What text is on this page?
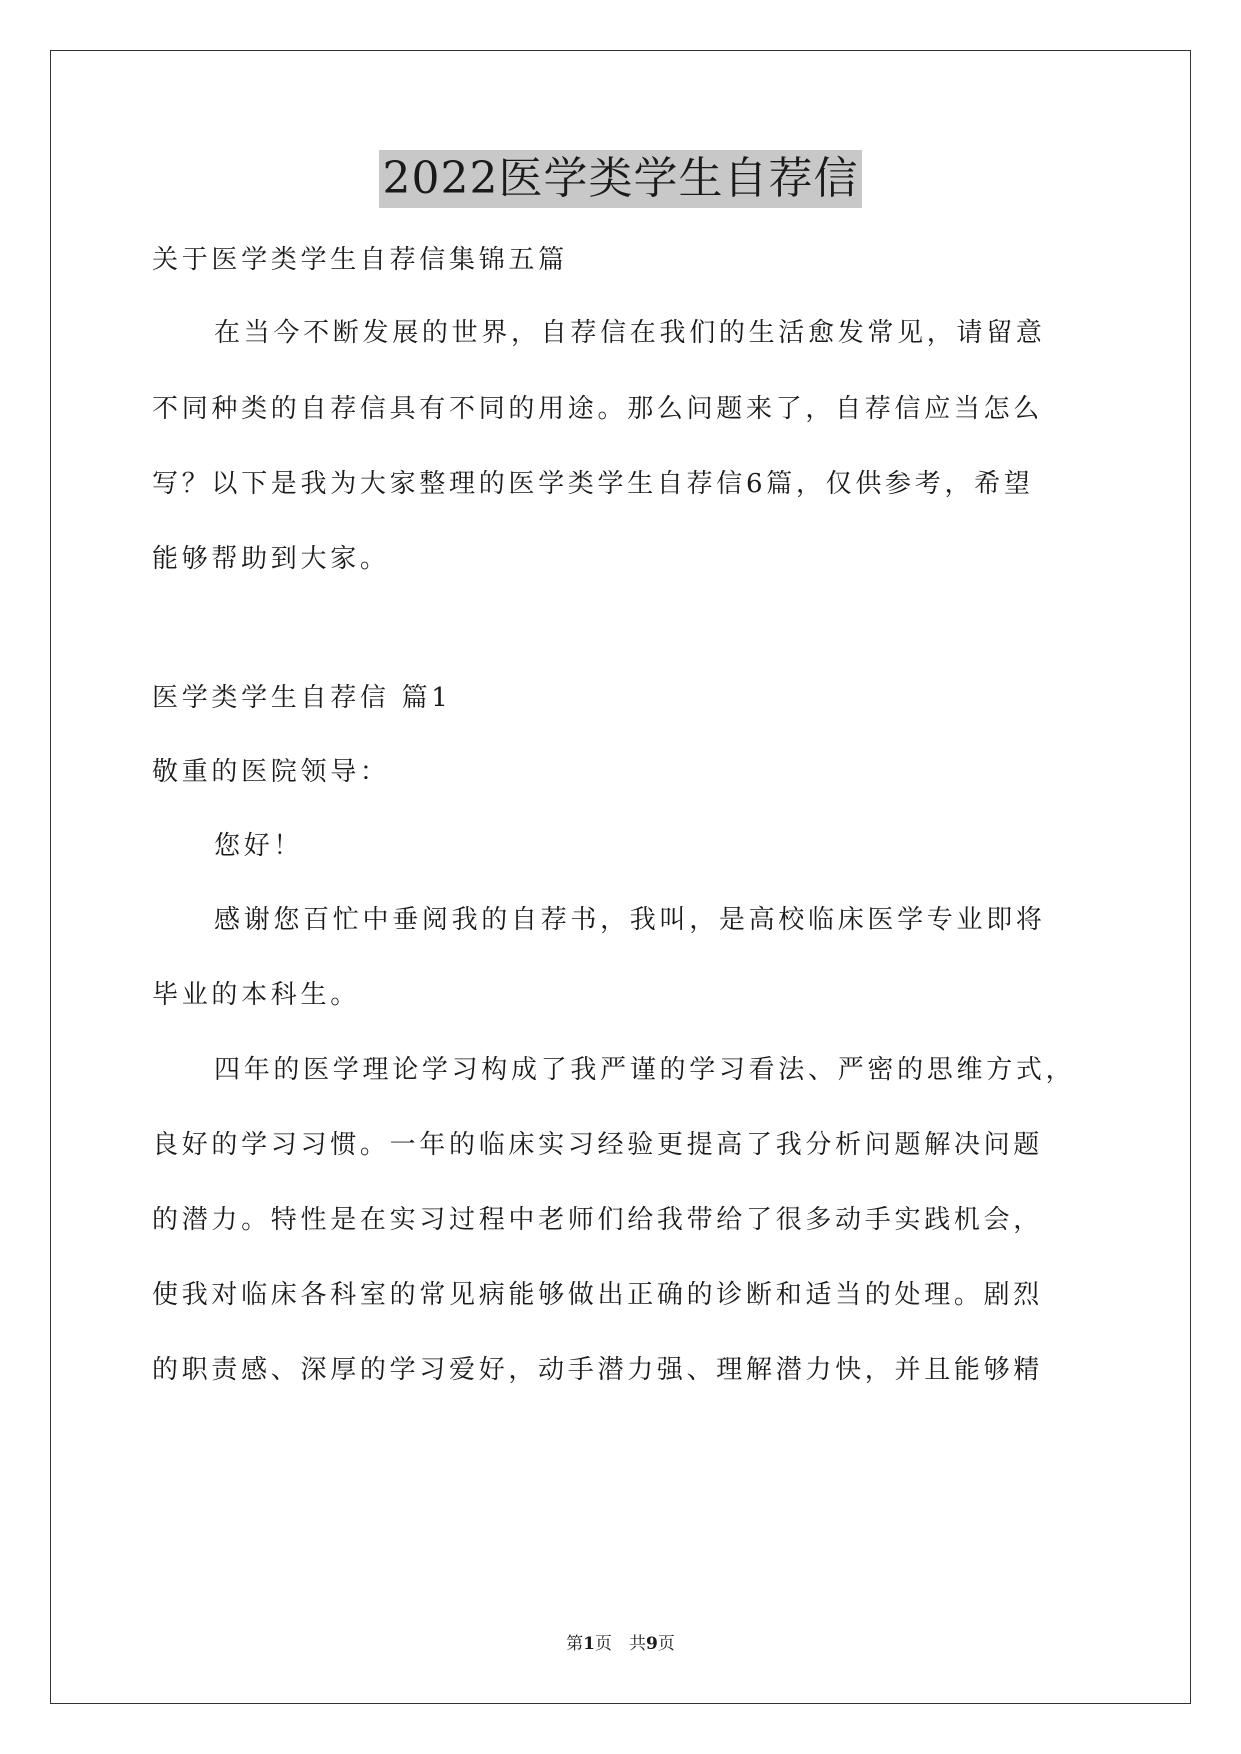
2022医学类学生自荐信

关于医学类学生自荐信集锦五篇

在当今不断发展的世界，自荐信在我们的生活愈发常见，请留意

不同种类的自荐信具有不同的用途。那么问题来了，自荐信应当怎么

写？以下是我为大家整理的医学类学生自荐信6篇，仅供参考，希望

能够帮助到大家。

医学类学生自荐信 篇1

敬重的医院领导：

您好！

感谢您百忙中垂阅我的自荐书，我叫，是高校临床医学专业即将

毕业的本科生。

四年的医学理论学习构成了我严谨的学习看法、严密的思维方式，

良好的学习习惯。一年的临床实习经验更提高了我分析问题解决问题

的潜力。特性是在实习过程中老师们给我带给了很多动手实践机会，

使我对临床各科室的常见病能够做出正确的诊断和适当的处理。剧烈

的职责感、深厚的学习爱好，动手潜力强、理解潜力快，并且能够精

第1页　共9页
